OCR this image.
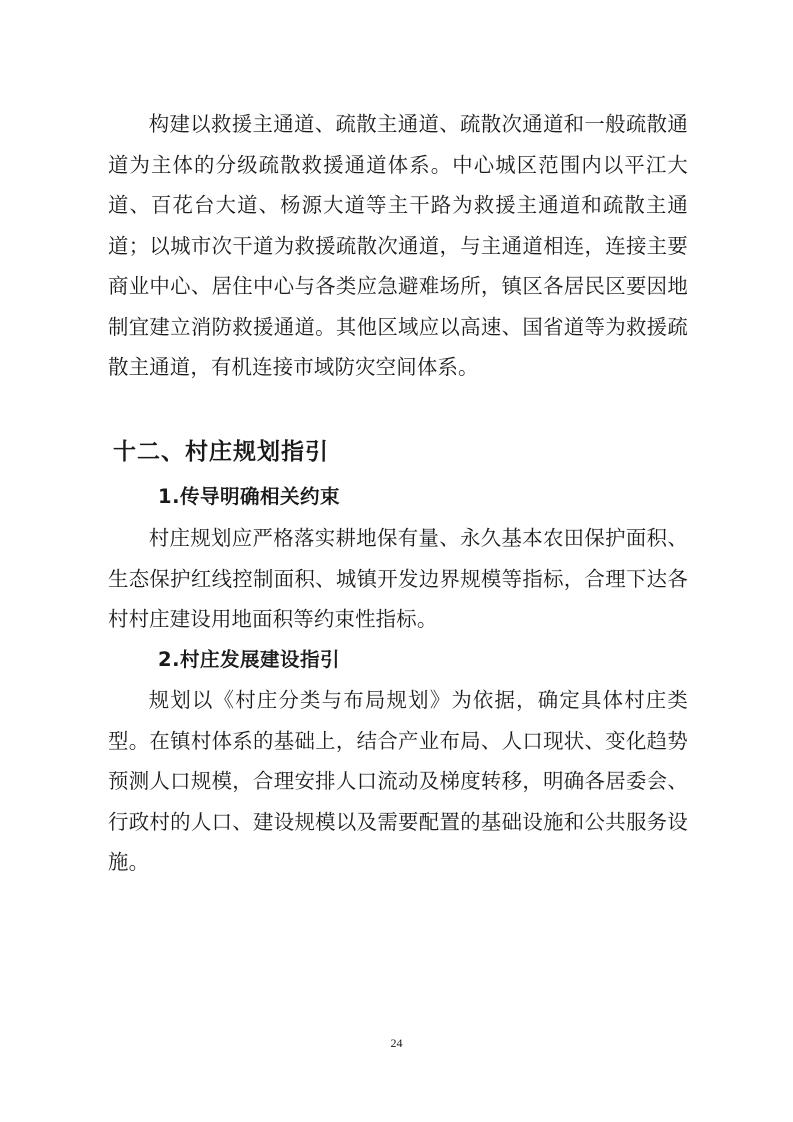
构建以救援主通道、疏散主通道、疏散次通道和一般疏散通道为主体的分级疏散救援通道体系。中心城区范围内以平江大道、百花台大道、杨源大道等主干路为救援主通道和疏散主通道；以城市次干道为救援疏散次通道，与主通道相连，连接主要商业中心、居住中心与各类应急避难场所，镇区各居民区要因地制宜建立消防救援通道。其他区域应以高速、国省道等为救援疏散主通道，有机连接市域防灾空间体系。

十二、村庄规划指引
1.传导明确相关约束

村庄规划应严格落实耕地保有量、永久基本农田保护面积、生态保护红线控制面积、城镇开发边界规模等指标，合理下达各村村庄建设用地面积等约束性指标。

2.村庄发展建设指引

规划以《村庄分类与布局规划》为依据，确定具体村庄类型。在镇村体系的基础上，结合产业布局、人口现状、变化趋势预测人口规模，合理安排人口流动及梯度转移，明确各居委会、行政村的人口、建设规模以及需要配置的基础设施和公共服务设施。

24
